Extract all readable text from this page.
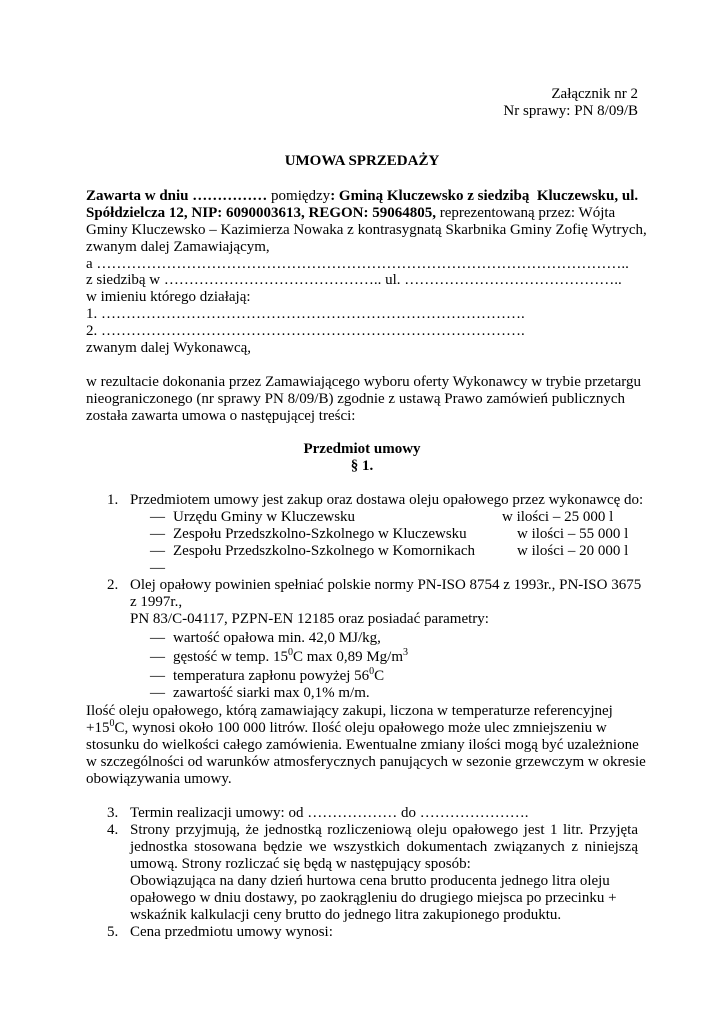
Załącznik nr 2
Nr sprawy: PN 8/09/B
UMOWA SPRZEDAŻY
Zawarta w dniu …………… pomiędzy: Gminą Kluczewsko z siedzibą  Kluczewsku, ul.
Spółdzielcza 12, NIP: 6090003613, REGON: 59064805, reprezentowaną przez: Wójta
Gminy Kluczewsko – Kazimierza Nowaka z kontrasygnatą Skarbnika Gminy Zofię Wytrych,
zwanym dalej Zamawiającym,
a ……………………………………………………………………………………………..
z siedzibą w …………………………………….. ul. ……………………………………..
w imieniu którego działają:
1. ………………………………………………………………………….
2. ………………………………………………………………………….
zwanym dalej Wykonawcą,
w rezultacie dokonania przez Zamawiającego wyboru oferty Wykonawcy w trybie przetargu
nieograniczonego (nr sprawy PN 8/09/B) zgodnie z ustawą Prawo zamówień publicznych
została zawarta umowa o następującej treści:
Przedmiot umowy
§ 1.
1. Przedmiotem umowy jest zakup oraz dostawa oleju opałowego przez wykonawcę do:
— Urzędu Gminy w Kluczewsku	w ilości – 25 000 l
— Zespołu Przedszkolno-Szkolnego w Kluczewsku	w ilości – 55 000 l
— Zespołu Przedszkolno-Szkolnego w Komornikach	w ilości – 20 000 l
—
2. Olej opałowy powinien spełniać polskie normy PN-ISO 8754 z 1993r., PN-ISO 3675
z 1997r.,
PN 83/C-04117, PZPN-EN 12185 oraz posiadać parametry:
— wartość opałowa min. 42,0 MJ/kg,
— gęstość w temp. $15^0C$ max 0,89 $Mg/m^3$
— temperatura zapłonu powyżej $56^0C$
— zawartość siarki max 0,1% m/m.
Ilość oleju opałowego, którą zamawiający zakupi, liczona w temperaturze referencyjnej
$+15^0C$, wynosi około 100 000 litrów. Ilość oleju opałowego może ulec zmniejszeniu w
stosunku do wielkości całego zamówienia. Ewentualne zmiany ilości mogą być uzależnione
w szczególności od warunków atmosferycznych panujących w sezonie grzewczym w okresie
obowiązywania umowy.
3. Termin realizacji umowy: od ……………… do ………………….
4. Strony przyjmują, że jednostką rozliczeniową oleju opałowego jest 1 litr. Przyjęta
jednostka stosowana będzie we wszystkich dokumentach związanych z niniejszą
umową. Strony rozliczać się będą w następujący sposób:
Obowiązująca na dany dzień hurtowa cena brutto producenta jednego litra oleju
opałowego w dniu dostawy, po zaokrągleniu do drugiego miejsca po przecinku +
wskaźnik kalkulacji ceny brutto do jednego litra zakupionego produktu.
5. Cena przedmiotu umowy wynosi:
